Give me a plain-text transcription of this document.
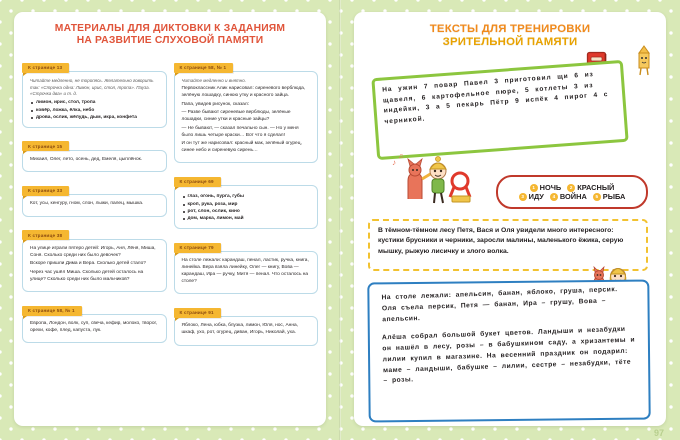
МАТЕРИАЛЫ ДЛЯ ДИКТОВКИ К ЗАДАНИЯМ
НА РАЗВИТИЕ СЛУХОВОЙ ПАМЯТИ
К странице 13

Читайте медленно, не торопясь. Желательно говорить так: «Строчка одна: Лимон, ирис, стол, тропа». Пауза. «Строчка два» и т. д.

лимон, ирис, стол, тропа
ковёр, ложка, ёлка, небо
дрова, ослик, жёлудь, дым, икра, конфета
К странице 15

Михаил, Олег, лето, осень, дед, Емеля, цыплёнок.

К странице 33

Кот, усы, кенгуру, гном, слон, лыжи, палец, мышка.

К странице 38

На улице играли пятеро детей: Игорь, Аня, Лёня, Миша, Соня. Сколько среди них было девочек?

Вскоре пришли Дима и Вера. Сколько детей стало?

Через час ушёл Миша. Сколько детей осталось на улице? Сколько среди них было мальчиков?

К странице 58, № 1

Европа, Лондон, волк, суп, свеча, кефир, молоко, творог, орехи, кофе, плед, капуста, лук.

К странице 58, № 1

Читайте медленно и внятно.

Первоклассник Алик нарисовал: сиреневого верблюда, зелёную лошадку, синюю утку и красного зайца.

Папа, увидев рисунок, сказал:

— Разве бывают сиреневые верблюды, зелёные лошадки, синие утки и красные зайцы?

— Не бывают, — сказал печально сын. — Но у меня было лишь четыре краски… Вот что я сделал!

И он тут же нарисовал: красный мак, зелёный огурец, синее небо и сиреневую сирень…

К странице 69
глаз, огонь, пурга, губы
кроп, рука, роза, мир
рот, слон, ослик, кино
дом, марка, лимон, май
К странице 79

На столе лежали: карандаш, пенал, ластик, ручка, книга, линейка. Вера взяла линейку, Олег — книгу, Вова — карандаш, Ира — ручку, Митя — пенал. Что осталось на столе?

К странице 91

Яблоко, Лена, юбка, блузка, лимон, Юля, нос, Анна, шкаф, ухо, рот, огурец, диван, Игорь, Николай, уха.

ТЕКСТЫ ДЛЯ ТРЕНИРОВКИ
ЗРИТЕЛЬНОЙ ПАМЯТИ
На ужин 7 повар Павел 3 приготовил щи 6 из щавеля, 6 картофельное пюре, 5 котлеты 3 из индейки, 3 а 5 пекарь Пётр 9 испёк 4 пирог 4 с черникой.
♪
♫
1 НОЧЬ	2 КРАСНЫЙ
3 ИДУ	4 ВОЙНА	5 РЫБА

В тёмном-тёмном лесу Петя, Вася и Оля увидели много интересного: кустики брусники и черники, заросли малины, маленького ёжика, серую мышку, рыжую лисичку и злого волка.

На столе лежали: апельсин, банан, яблоко, груша, персик. Оля съела персик, Петя — банан, Ира – грушу, Вова – апельсин.

Алёша собрал большой букет цветов. Ландыши и незабудки он нашёл в лесу, розы – в бабушкином саду, а хризантемы и лилии купил в магазине. На весенний праздник он подарил: маме – ландыши, бабушке – лилии, сестре – незабудки, тёте – розы.

97
